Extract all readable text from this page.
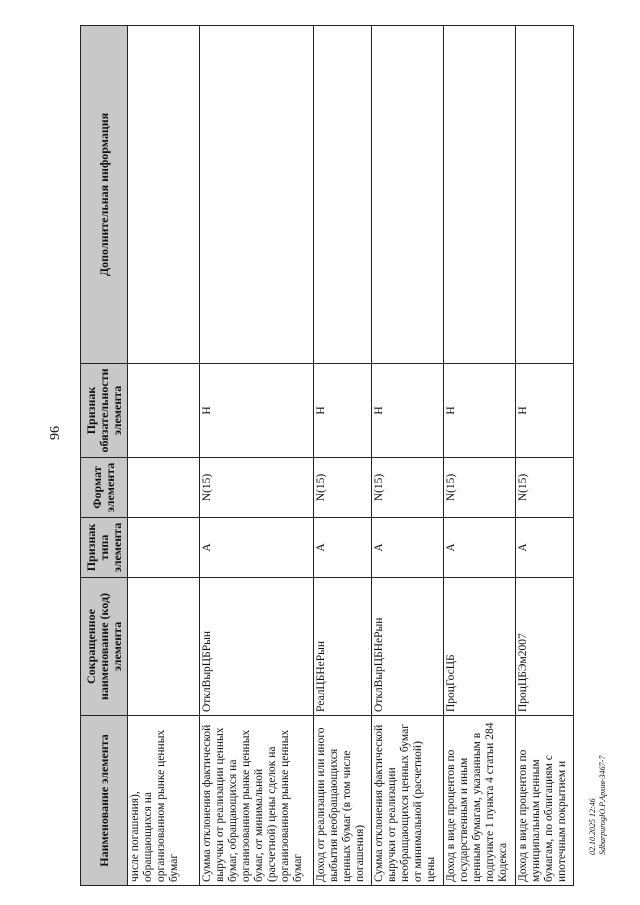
96
Наименование элемента	Сокращенное наименование (код) элемента	Признак типа элемента	Формат элемента	Признак обязательности элемента	Дополнительная информация
числе погашения), обращающихся на организованном рынке ценных бумаг					
Сумма отклонения фактической выручки от реализации ценных бумаг, обращающихся на организованном рынке ценных бумаг, от минимальной (расчетной) цены сделок на организованном рынке ценных бумаг	ОтклВырЦБРын	А	N(15)	Н	
Доход от реализации или иного выбытия необращающихся ценных бумаг (в том числе погашения)	РеалЦБНеРын	А	N(15)	Н	
Сумма отклонения фактической выручки от реализации необращающихся ценных бумаг от минимальной (расчетной) цены	ОтклВырЦБНеРын	А	N(15)	Н	
Доход в виде процентов по государственным и иным ценным бумагам, указанным в подпункте 1 пункта 4 статьи 284 Кодекса	ПроцГосЦБ	А	N(15)	Н	
Доход в виде процентов по муниципальным ценным бумагам, по облигациям с ипотечным покрытием и	ПроцЦБЭм2007	А	N(15)	Н	
02.10.2025 12:46 SdbarpurogЮ.Р.Архив-3467-7
